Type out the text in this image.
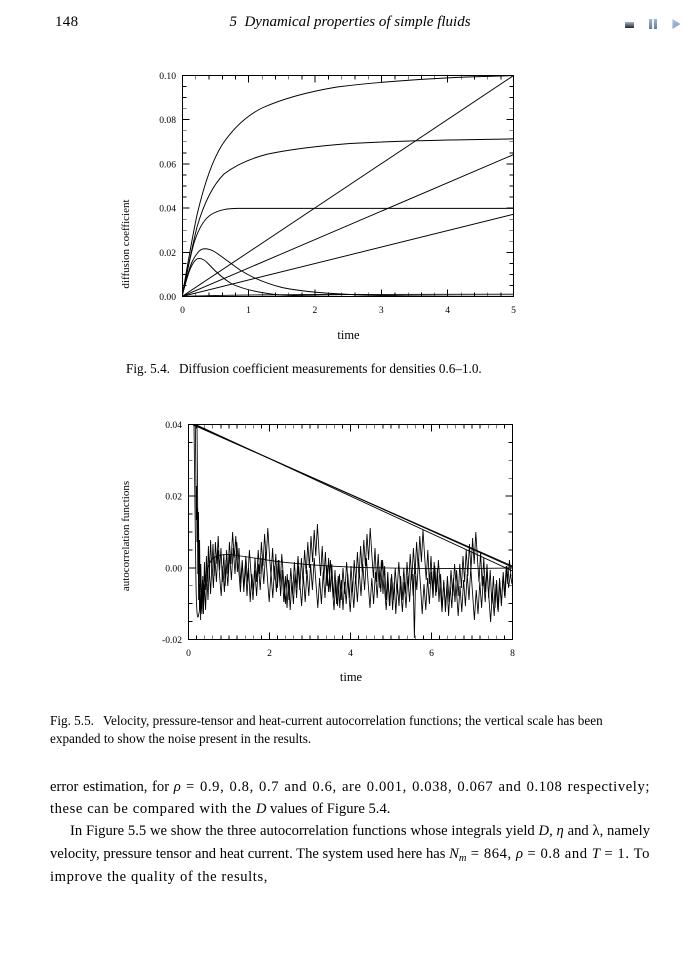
148	5 Dynamical properties of simple fluids
diffusion coefficient
0.00
0.02
0.04
0.06
0.08
0.10
0	1	2	3	4	5
time
Fig. 5.4. Diffusion coefficient measurements for densities 0.6–1.0.
autocorrelation functions
0.04
0.02
0.00
-0.02
0	2	4	6	8
time
Fig. 5.5. Velocity, pressure-tensor and heat-current autocorrelation functions; the vertical scale has been expanded to show the noise present in the results.

error estimation, for ρ = 0.9, 0.8, 0.7 and 0.6, are 0.001, 0.038, 0.067 and 0.108 respectively; these can be compared with the D values of Figure 5.4.

In Figure 5.5 we show the three autocorrelation functions whose integrals yield D, η and λ, namely velocity, pressure tensor and heat current. The system used here has $N_m = 864$, ρ = 0.8 and T = 1. To improve the quality of the results,
